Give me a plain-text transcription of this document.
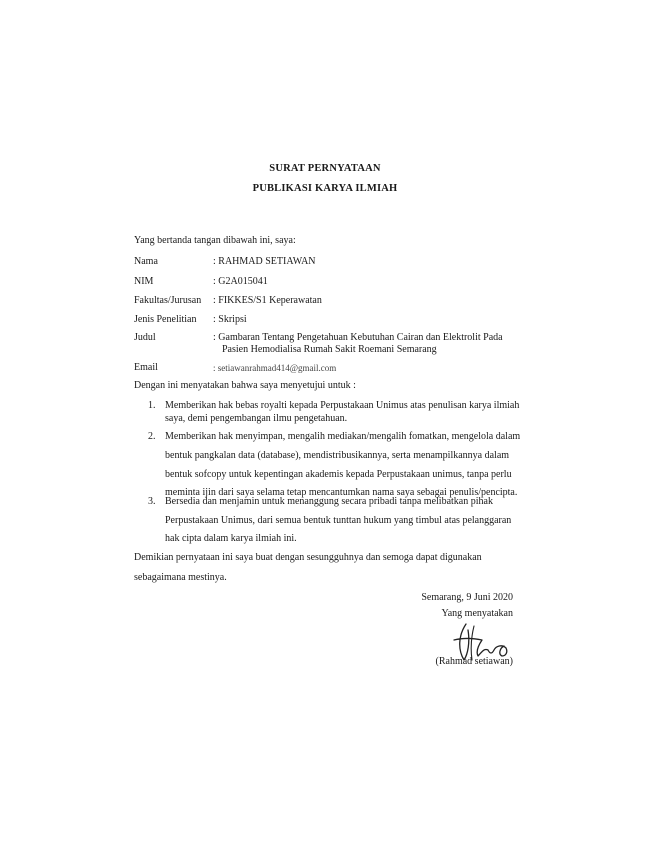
SURAT PERNYATAAN
PUBLIKASI KARYA ILMIAH
Yang bertanda tangan dibawah ini, saya:
Nama	: RAHMAD SETIAWAN
NIM	: G2A015041
Fakultas/Jurusan : FIKKES/S1 Keperawatan
Jenis Penelitian : Skripsi
Judul	: Gambaran Tentang Pengetahuan Kebutuhan Cairan dan Elektrolit Pada
Pasien Hemodialisa Rumah Sakit Roemani Semarang
Email	: setiawanrahmad414@gmail.com
Dengan ini menyatakan bahwa saya menyetujui untuk :
1. Memberikan hak bebas royalti kepada Perpustakaan Unimus atas penulisan karya ilmiah
saya, demi pengembangan ilmu pengetahuan.
2. Memberikan hak menyimpan, mengalih mediakan/mengalih fomatkan, mengelola dalam
bentuk pangkalan data (database), mendistribusikannya, serta menampilkannya dalam
bentuk sofcopy untuk kepentingan akademis kepada Perpustakaan unimus, tanpa perlu
meminta ijin dari saya selama tetap mencantumkan nama saya sebagai penulis/pencipta.
3. Bersedia dan menjamin untuk menanggung secara pribadi tanpa melibatkan pihak
Perpustakaan Unimus, dari semua bentuk tunttan hukum yang timbul atas pelanggaran
hak cipta dalam karya ilmiah ini.
Demikian pernyataan ini saya buat dengan sesungguhnya dan semoga dapat digunakan
sebagaimana mestinya.
Semarang, 9 Juni 2020
Yang menyatakan
(Rahmad setiawan)
